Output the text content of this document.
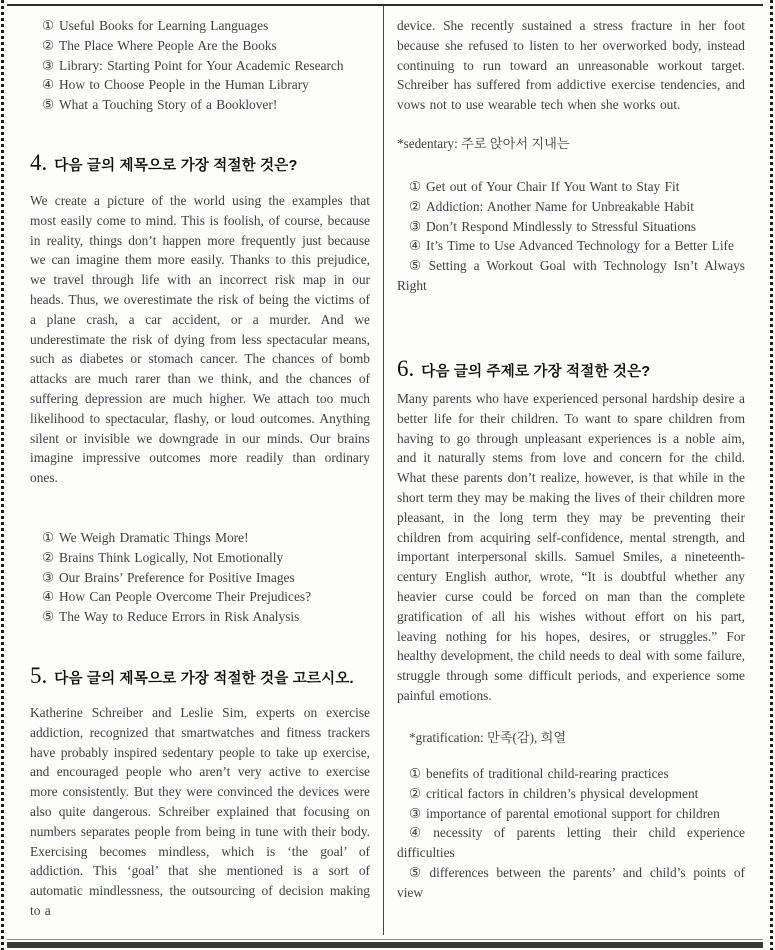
① Useful Books for Learning Languages

② The Place Where People Are the Books

③ Library: Starting Point for Your Academic Research

④ How to Choose People in the Human Library

⑤ What a Touching Story of a Booklover!

4. 다음 글의 제목으로 가장 적절한 것은?
We create a picture of the world using the examples that most easily come to mind. This is foolish, of course, because in reality, things don’t happen more frequently just because we can imagine them more easily. Thanks to this prejudice, we travel through life with an incorrect risk map in our heads. Thus, we overestimate the risk of being the victims of a plane crash, a car accident, or a murder. And we underestimate the risk of dying from less spectacular means, such as diabetes or stomach cancer. The chances of bomb attacks are much rarer than we think, and the chances of suffering depression are much higher. We attach too much likelihood to spectacular, flashy, or loud outcomes. Anything silent or invisible we downgrade in our minds. Our brains imagine impressive outcomes more readily than ordinary ones.

① We Weigh Dramatic Things More!

② Brains Think Logically, Not Emotionally

③ Our Brains’ Preference for Positive Images

④ How Can People Overcome Their Prejudices?

⑤ The Way to Reduce Errors in Risk Analysis

5. 다음 글의 제목으로 가장 적절한 것을 고르시오.
Katherine Schreiber and Leslie Sim, experts on exercise addiction, recognized that smartwatches and fitness trackers have probably inspired sedentary people to take up exercise, and encouraged people who aren’t very active to exercise more consistently. But they were convinced the devices were also quite dangerous. Schreiber explained that focusing on numbers separates people from being in tune with their body. Exercising becomes mindless, which is ‘the goal’ of addiction. This ‘goal’ that she mentioned is a sort of automatic mindlessness, the outsourcing of decision making to a
device. She recently sustained a stress fracture in her foot because she refused to listen to her overworked body, instead continuing to run toward an unreasonable workout target. Schreiber has suffered from addictive exercise tendencies, and vows not to use wearable tech when she works out.
*sedentary: 주로 앉아서 지내는

① Get out of Your Chair If You Want to Stay Fit

② Addiction: Another Name for Unbreakable Habit

③ Don’t Respond Mindlessly to Stressful Situations

④ It’s Time to Use Advanced Technology for a Better Life

⑤ Setting a Workout Goal with Technology Isn’t Always Right

6. 다음 글의 주제로 가장 적절한 것은?
Many parents who have experienced personal hardship desire a better life for their children. To want to spare children from having to go through unpleasant experiences is a noble aim, and it naturally stems from love and concern for the child. What these parents don’t realize, however, is that while in the short term they may be making the lives of their children more pleasant, in the long term they may be preventing their children from acquiring self-confidence, mental strength, and important interpersonal skills. Samuel Smiles, a nineteenth-century English author, wrote, “It is doubtful whether any heavier curse could be forced on man than the complete gratification of all his wishes without effort on his part, leaving nothing for his hopes, desires, or struggles.” For healthy development, the child needs to deal with some failure, struggle through some difficult periods, and experience some painful emotions.
*gratification: 만족(감), 희열

① benefits of traditional child-rearing practices

② critical factors in children’s physical development

③ importance of parental emotional support for children

④ necessity of parents letting their child experience difficulties

⑤ differences between the parents’ and child’s points of view
